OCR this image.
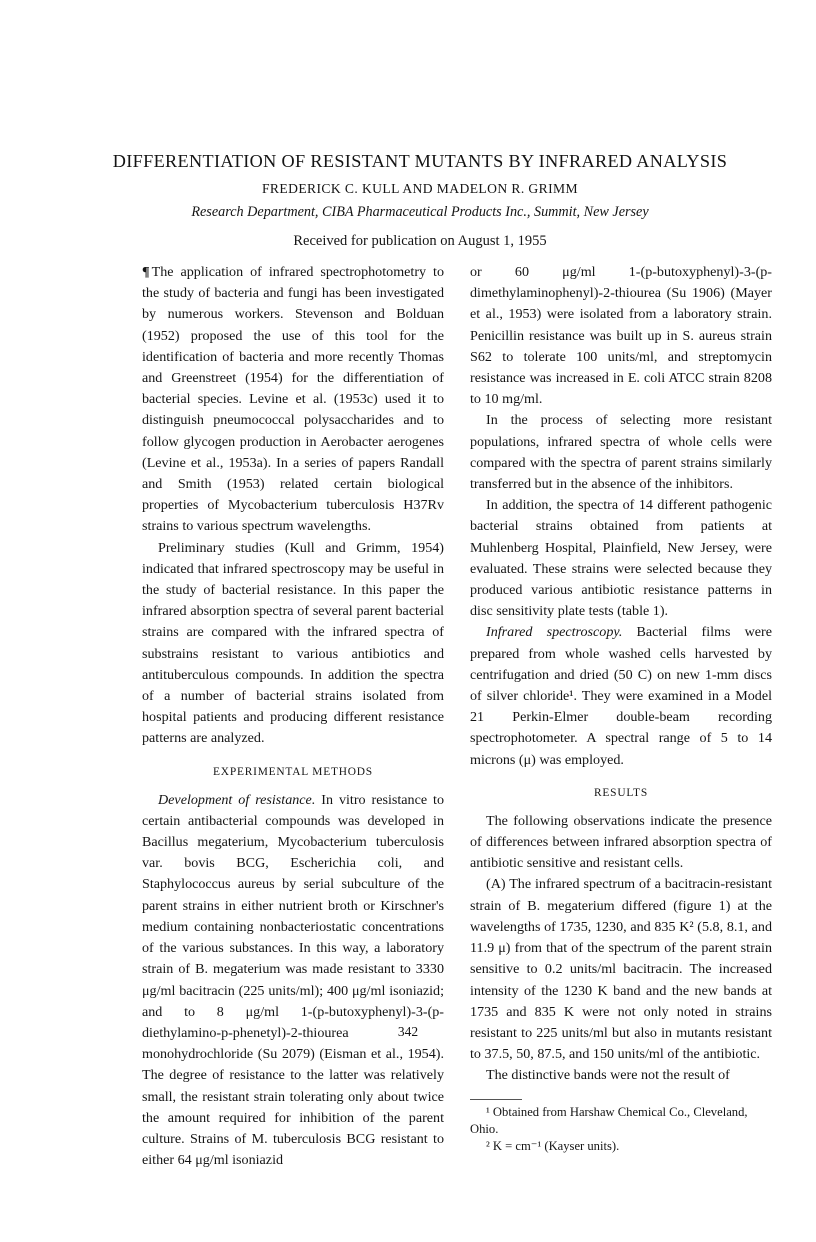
DIFFERENTIATION OF RESISTANT MUTANTS BY INFRARED ANALYSIS
FREDERICK C. KULL AND MADELON R. GRIMM
Research Department, CIBA Pharmaceutical Products Inc., Summit, New Jersey
Received for publication on August 1, 1955

¶ The application of infrared spectrophotometry to the study of bacteria and fungi has been investigated by numerous workers. Stevenson and Bolduan (1952) proposed the use of this tool for the identification of bacteria and more recently Thomas and Greenstreet (1954) for the differentiation of bacterial species. Levine et al. (1953c) used it to distinguish pneumococcal polysaccharides and to follow glycogen production in Aerobacter aerogenes (Levine et al., 1953a). In a series of papers Randall and Smith (1953) related certain biological properties of Mycobacterium tuberculosis H37Rv strains to various spectrum wavelengths.

Preliminary studies (Kull and Grimm, 1954) indicated that infrared spectroscopy may be useful in the study of bacterial resistance. In this paper the infrared absorption spectra of several parent bacterial strains are compared with the infrared spectra of substrains resistant to various antibiotics and antituberculous compounds. In addition the spectra of a number of bacterial strains isolated from hospital patients and producing different resistance patterns are analyzed.

EXPERIMENTAL METHODS

Development of resistance. In vitro resistance to certain antibacterial compounds was developed in Bacillus megaterium, Mycobacterium tuberculosis var. bovis BCG, Escherichia coli, and Staphylococcus aureus by serial subculture of the parent strains in either nutrient broth or Kirschner's medium containing nonbacteriostatic concentrations of the various substances. In this way, a laboratory strain of B. megaterium was made resistant to 3330 μg/ml bacitracin (225 units/ml); 400 μg/ml isoniazid; and to 8 μg/ml 1-(p-butoxyphenyl)-3-(p-diethylamino-p-phenetyl)-2-thiourea monohydrochloride (Su 2079) (Eisman et al., 1954). The degree of resistance to the latter was relatively small, the resistant strain tolerating only about twice the amount required for inhibition of the parent culture. Strains of M. tuberculosis BCG resistant to either 64 μg/ml isoniazid

or 60 μg/ml 1-(p-butoxyphenyl)-3-(p-dimethylaminophenyl)-2-thiourea (Su 1906) (Mayer et al., 1953) were isolated from a laboratory strain. Penicillin resistance was built up in S. aureus strain S62 to tolerate 100 units/ml, and streptomycin resistance was increased in E. coli ATCC strain 8208 to 10 mg/ml.

In the process of selecting more resistant populations, infrared spectra of whole cells were compared with the spectra of parent strains similarly transferred but in the absence of the inhibitors.

In addition, the spectra of 14 different pathogenic bacterial strains obtained from patients at Muhlenberg Hospital, Plainfield, New Jersey, were evaluated. These strains were selected because they produced various antibiotic resistance patterns in disc sensitivity plate tests (table 1).

Infrared spectroscopy. Bacterial films were prepared from whole washed cells harvested by centrifugation and dried (50 C) on new 1-mm discs of silver chloride¹. They were examined in a Model 21 Perkin-Elmer double-beam recording spectrophotometer. A spectral range of 5 to 14 microns (μ) was employed.

RESULTS

The following observations indicate the presence of differences between infrared absorption spectra of antibiotic sensitive and resistant cells.

(A) The infrared spectrum of a bacitracin-resistant strain of B. megaterium differed (figure 1) at the wavelengths of 1735, 1230, and 835 K² (5.8, 8.1, and 11.9 μ) from that of the spectrum of the parent strain sensitive to 0.2 units/ml bacitracin. The increased intensity of the 1230 K band and the new bands at 1735 and 835 K were not only noted in strains resistant to 225 units/ml but also in mutants resistant to 37.5, 50, 87.5, and 150 units/ml of the antibiotic.

The distinctive bands were not the result of

¹ Obtained from Harshaw Chemical Co., Cleveland, Ohio.

² K = cm⁻¹ (Kayser units).

342
